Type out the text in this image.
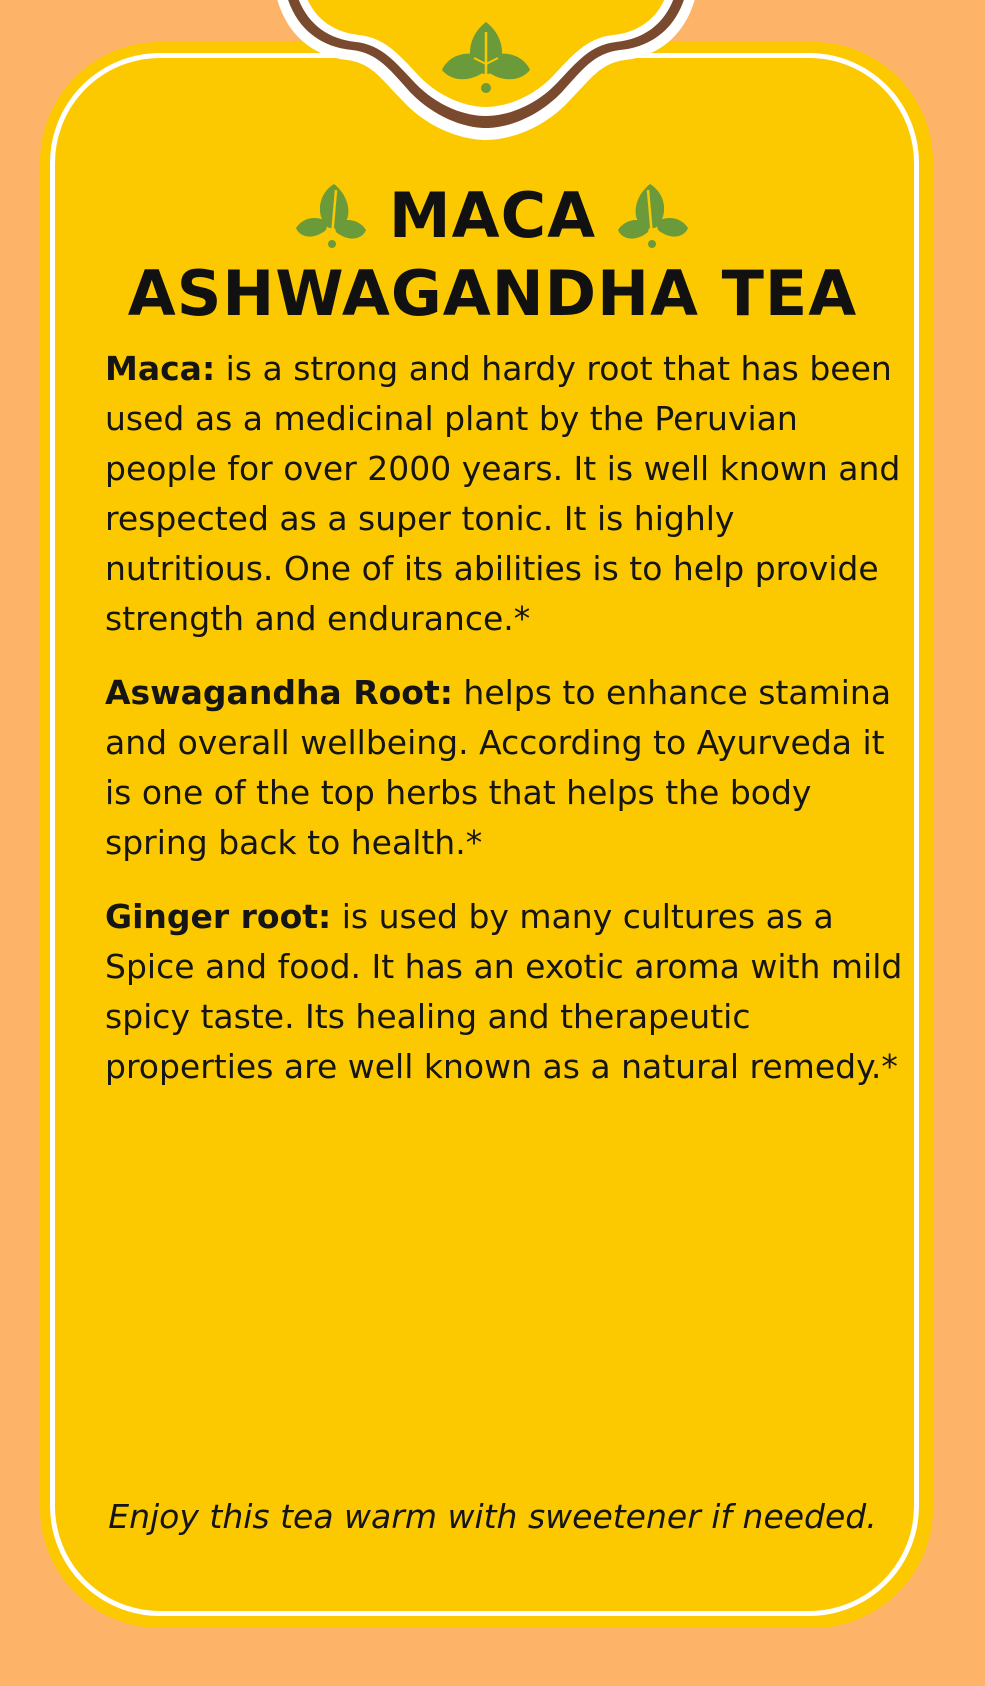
MACA
ASHWAGANDHA TEA

Maca: is a strong and hardy root that has been used as a medicinal plant by the Peruvian people for over 2000 years. It is well known and respected as a super tonic. It is highly nutritious. One of its abilities is to help provide strength and endurance.*

Aswagandha Root: helps to enhance stamina and overall wellbeing. According to Ayurveda it is one of the top herbs that helps the body spring back to health.*

Ginger root: is used by many cultures as a Spice and food. It has an exotic aroma with mild spicy taste. Its healing and therapeutic properties are well known as a natural remedy.*

Enjoy this tea warm with sweetener if needed.
